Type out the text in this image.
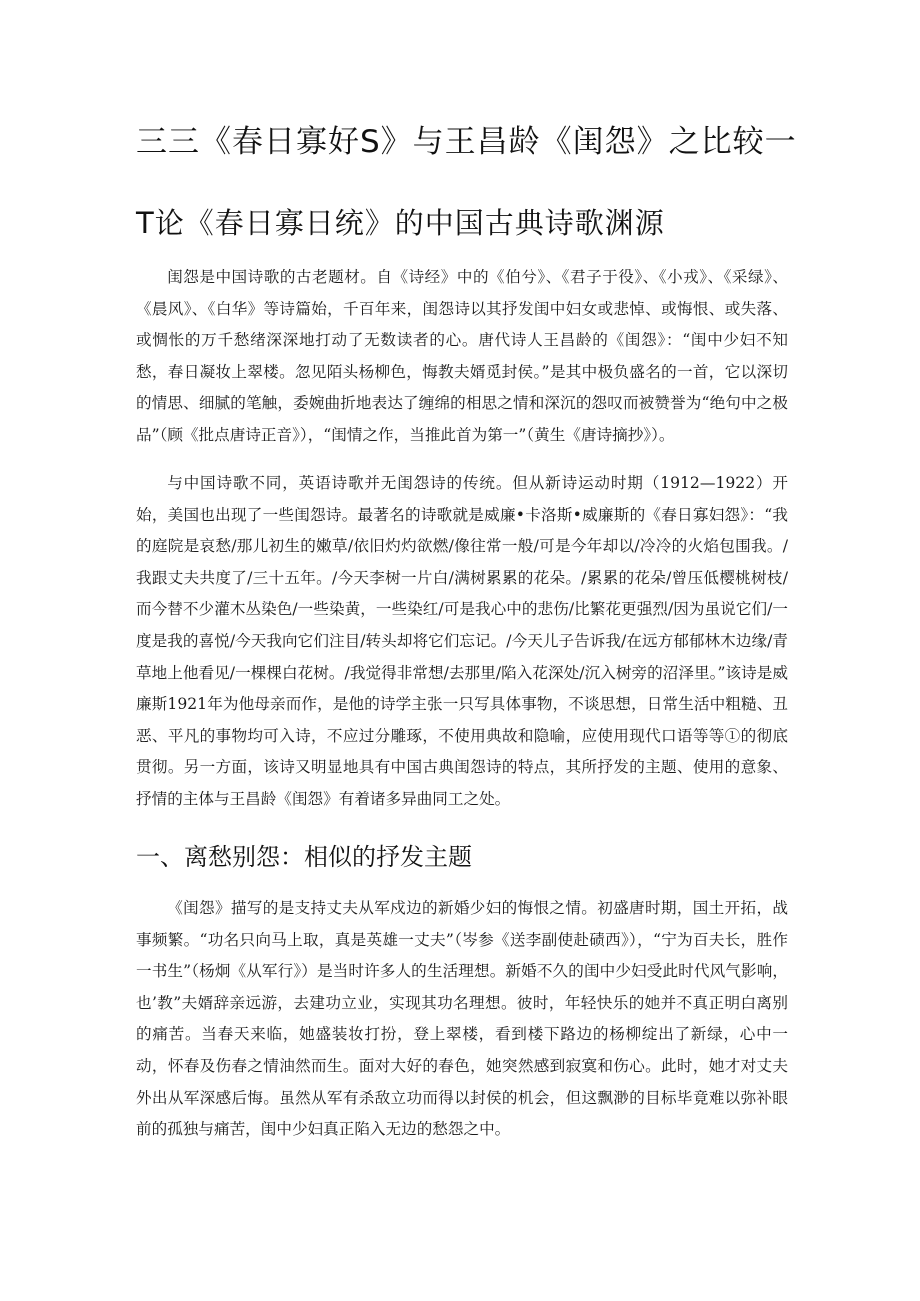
三三《春日寡好S》与王昌龄《闺怨》之比较一
T论《春日寡日统》的中国古典诗歌渊源

闺怨是中国诗歌的古老题材。自《诗经》中的《伯兮》、《君子于役》、《小戎》、《采绿》、《晨风》、《白华》等诗篇始，千百年来，闺怨诗以其抒发闺中妇女或悲悼、或悔恨、或失落、或惆怅的万千愁绪深深地打动了无数读者的心。唐代诗人王昌龄的《闺怨》：“闺中少妇不知愁，春日凝妆上翠楼。忽见陌头杨柳色，悔教夫婿觅封侯。”是其中极负盛名的一首，它以深切的情思、细腻的笔触，委婉曲折地表达了缠绵的相思之情和深沉的怨叹而被赞誉为“绝句中之极品”（顾《批点唐诗正音》），“闺情之作，当推此首为第一”（黄生《唐诗摘抄》）。

与中国诗歌不同，英语诗歌并无闺怨诗的传统。但从新诗运动时期（1912—1922）开始，美国也出现了一些闺怨诗。最著名的诗歌就是威廉•卡洛斯•威廉斯的《春日寡妇怨》：“我的庭院是哀愁/那儿初生的嫩草/依旧灼灼欲燃/像往常一般/可是今年却以/冷冷的火焰包围我。/我跟丈夫共度了/三十五年。/今天李树一片白/满树累累的花朵。/累累的花朵/曾压低樱桃树枝/而今替不少灌木丛染色/一些染黄，一些染红/可是我心中的悲伤/比繁花更强烈/因为虽说它们/一度是我的喜悦/今天我向它们注目/转头却将它们忘记。/今天儿子告诉我/在远方郁郁林木边缘/青草地上他看见/一棵棵白花树。/我觉得非常想/去那里/陷入花深处/沉入树旁的沼泽里。”该诗是威廉斯1921年为他母亲而作，是他的诗学主张一只写具体事物，不谈思想，日常生活中粗糙、丑恶、平凡的事物均可入诗，不应过分雕琢，不使用典故和隐喻，应使用现代口语等等①的彻底贯彻。另一方面，该诗又明显地具有中国古典闺怨诗的特点，其所抒发的主题、使用的意象、抒情的主体与王昌龄《闺怨》有着诸多异曲同工之处。

一、离愁别怨：相似的抒发主题

《闺怨》描写的是支持丈夫从军戍边的新婚少妇的悔恨之情。初盛唐时期，国土开拓，战事频繁。“功名只向马上取，真是英雄一丈夫”（岑参《送李副使赴碛西》），“宁为百夫长，胜作一书生”（杨炯《从军行》）是当时许多人的生活理想。新婚不久的闺中少妇受此时代风气影响，也’教”夫婿辞亲远游，去建功立业，实现其功名理想。彼时，年轻快乐的她并不真正明白离别的痛苦。当春天来临，她盛装妆打扮，登上翠楼，看到楼下路边的杨柳绽出了新绿，心中一动，怀春及伤春之情油然而生。面对大好的春色，她突然感到寂寞和伤心。此时，她才对丈夫外出从军深感后悔。虽然从军有杀敌立功而得以封侯的机会，但这飘渺的目标毕竟难以弥补眼前的孤独与痛苦，闺中少妇真正陷入无边的愁怨之中。
